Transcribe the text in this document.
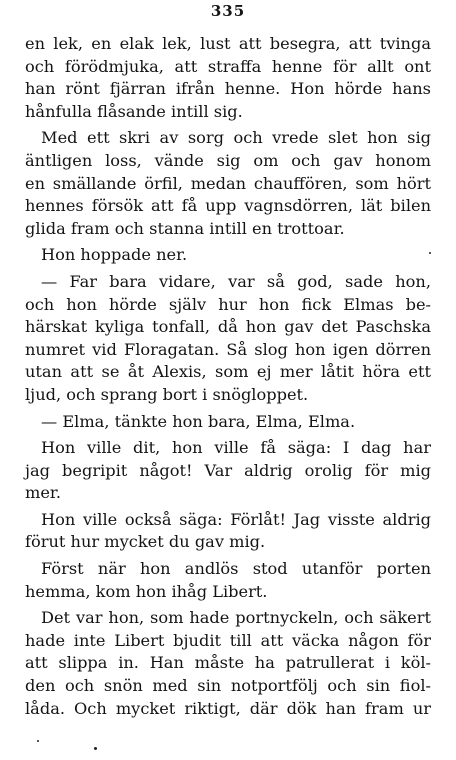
335
en lek, en elak lek, lust att besegra, att tvinga
och förödmjuka, att straffa henne för allt ont
han rönt fjärran ifrån henne. Hon hörde hans
hånfulla flåsande intill sig.
Med ett skri av sorg och vrede slet hon sig
äntligen loss, vände sig om och gav honom
en smällande örfil, medan chauffören, som hört
hennes försök att få upp vagnsdörren, lät bilen
glida fram och stanna intill en trottoar.
Hon hoppade ner.
— Far bara vidare, var så god, sade hon,
och hon hörde själv hur hon fick Elmas be-
härskat kyliga tonfall, då hon gav det Paschska
numret vid Floragatan. Så slog hon igen dörren
utan att se åt Alexis, som ej mer låtit höra ett
ljud, och sprang bort i snögloppet.
— Elma, tänkte hon bara, Elma, Elma.
Hon ville dit, hon ville få säga: I dag har
jag begripit något! Var aldrig orolig för mig
mer.
Hon ville också säga: Förlåt! Jag visste aldrig
förut hur mycket du gav mig.
Först när hon andlös stod utanför porten
hemma, kom hon ihåg Libert.
Det var hon, som hade portnyckeln, och säkert
hade inte Libert bjudit till att väcka någon för
att slippa in. Han måste ha patrullerat i köl-
den och snön med sin notportfölj och sin fiol-
låda. Och mycket riktigt, där dök han fram ur
